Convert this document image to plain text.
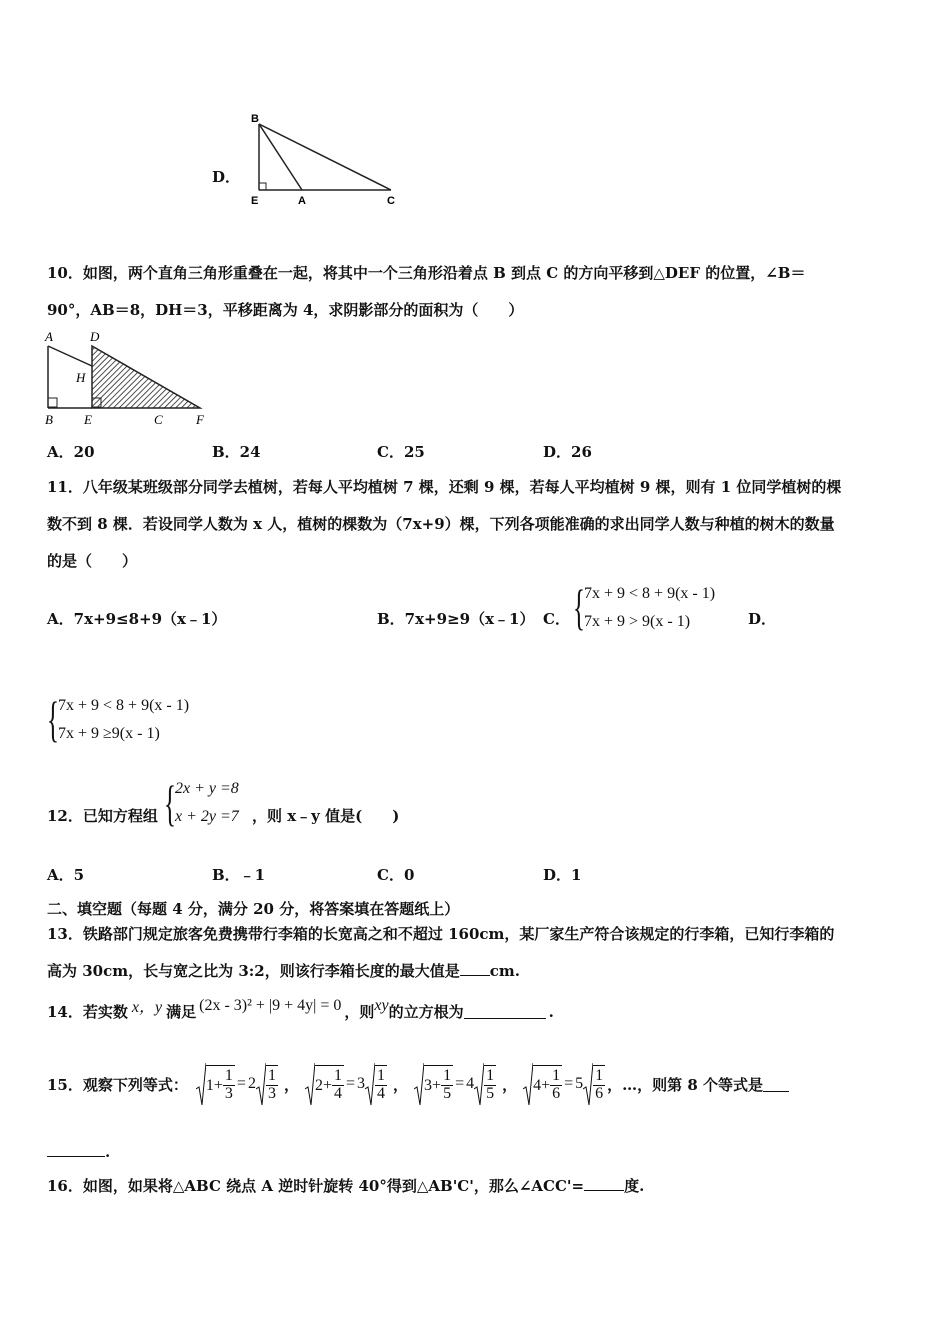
D．
B
E	A	C
10．如图，两个直角三角形重叠在一起，将其中一个三角形沿着点 B 到点 C 的方向平移到△DEF 的位置，∠B＝
90°，AB＝8，DH＝3，平移距离为 4，求阴影部分的面积为（　　）
A	D
H
B E	C	F
A．20	B．24	C．25	D．26
11．八年级某班级部分同学去植树，若每人平均植树 7 棵，还剩 9 棵，若每人平均植树 9 棵，则有 1 位同学植树的棵
数不到 8 棵．若设同学人数为 x 人，植树的棵数为（7x+9）棵，下列各项能准确的求出同学人数与种植的树木的数量
的是（　　）
A．7x+9≤8+9（x﹣1）	B．7x+9≥9（x﹣1） C． { 7x + 9 < 8 + 9(x - 1)
7x + 9 > 9(x - 1)	D．
{ 7x + 9 < 8 + 9(x - 1)
7x + 9 ≥9(x - 1)
12．已知方程组 { 2x + y =8
x + 2y =7 ，则 x﹣y 值是(　　)
A．5	B．﹣1	C．0	D．1
二、填空题（每题 4 分，满分 20 分，将答案填在答题纸上）
13．铁路部门规定旅客免费携带行李箱的长宽高之和不超过 160cm，某厂家生产符合该规定的行李箱，已知行李箱的
高为 30cm，长与宽之比为 3:2，则该行李箱长度的最大值是 cm.
14．若实数 x，y 满足 (2x - 3)² + |9 + 4y| = 0 ，则 xy 的立方根为	.
15．观察下列等式： $1 + \frac{1}{3} = 2 \frac{1}{3}$ ， $2 + \frac{1}{4} = 3 \frac{1}{4}$ ， $3 + \frac{1}{5} = 4 \frac{1}{5}$ ， $4 + \frac{1}{6} = 5 \frac{1}{6}$ ，…，则第 8 个等式是
.
16．如图，如果将△ABC 绕点 A 逆时针旋转 40°得到△AB'C'，那么∠ACC'=	度.
